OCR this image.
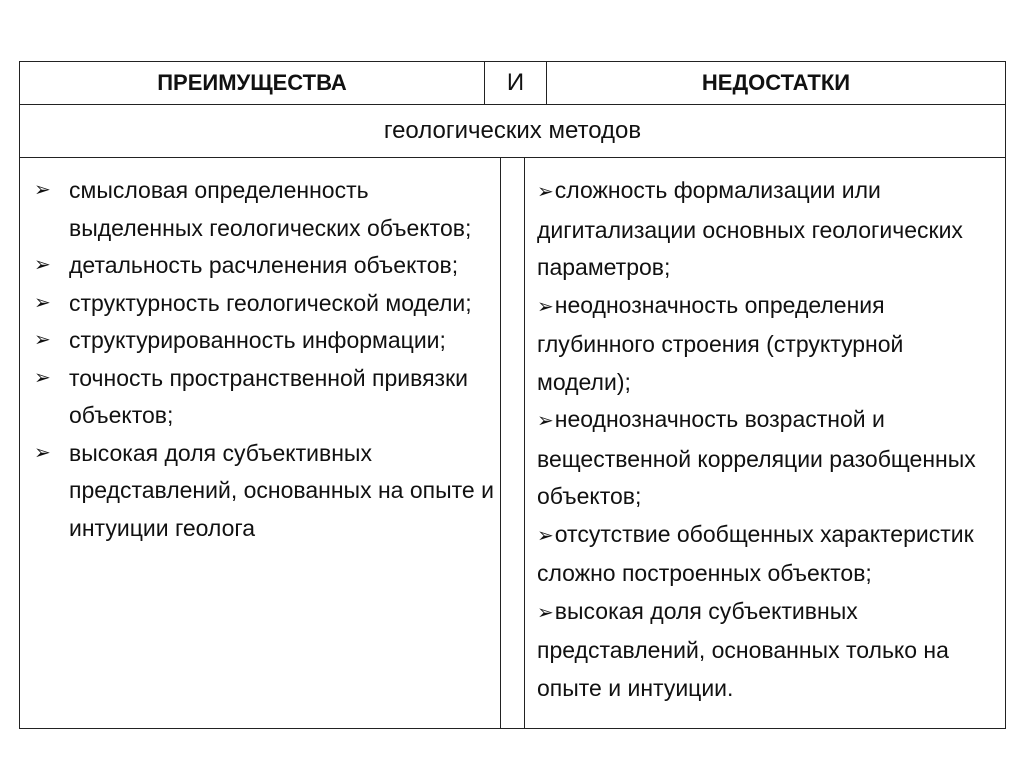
ПРЕИМУЩЕСТВА	И	НЕДОСТАТКИ
геологических методов
➢ смысловая определенность выделенных геологических объектов;
➢ детальность расчленения объектов;
➢ структурность геологической модели;
➢ структурированность информации;
➢ точность пространственной привязки объектов;
➢ высокая доля субъективных представлений, основанных на опыте и интуиции геолога
➢сложность формализации или дигитализации основных геологических параметров;
➢неоднозначность определения глубинного строения (структурной модели);
➢неоднозначность возрастной и вещественной корреляции разобщенных объектов;
➢отсутствие обобщенных характеристик сложно построенных объектов;
➢высокая доля субъективных представлений, основанных только на опыте и интуиции.
